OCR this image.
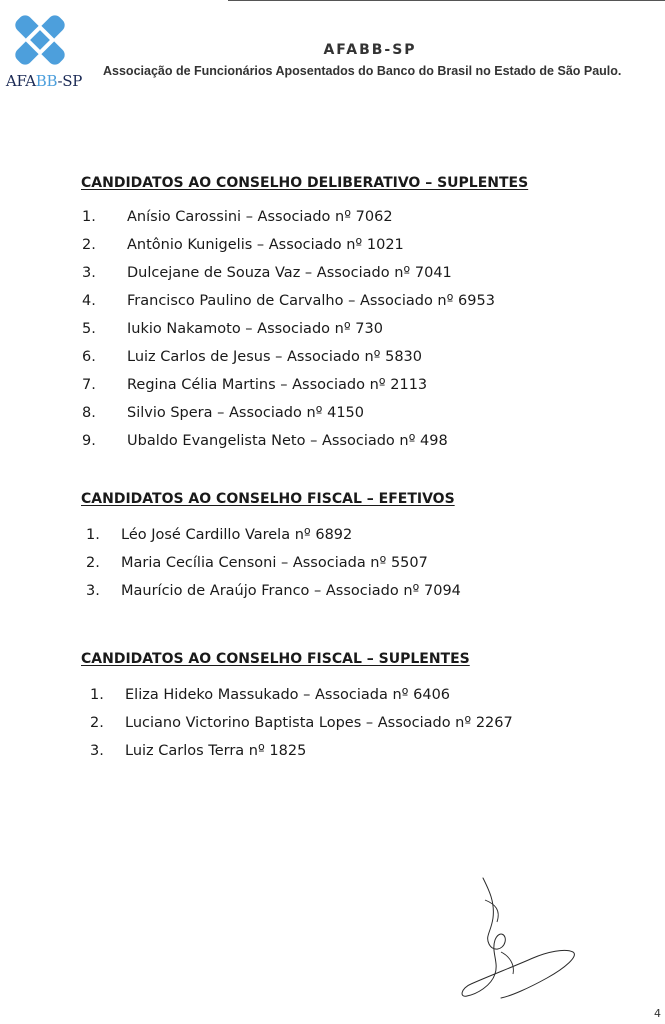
AFABB-SP
AFABB-SP
Associação de Funcionários Aposentados do Banco do Brasil no Estado de São Paulo.
CANDIDATOS AO CONSELHO DELIBERATIVO – SUPLENTES
1. Anísio Carossini – Associado nº 7062
2. Antônio Kunigelis – Associado nº 1021
3. Dulcejane de Souza Vaz – Associado nº 7041
4. Francisco Paulino de Carvalho – Associado nº 6953
5. Iukio Nakamoto – Associado nº 730
6. Luiz Carlos de Jesus – Associado nº 5830
7. Regina Célia Martins – Associado nº 2113
8. Silvio Spera – Associado nº 4150
9. Ubaldo Evangelista Neto – Associado nº 498
CANDIDATOS AO CONSELHO FISCAL – EFETIVOS
1. Léo José Cardillo Varela nº 6892
2. Maria Cecília Censoni – Associada nº 5507
3. Maurício de Araújo Franco – Associado nº 7094
CANDIDATOS AO CONSELHO FISCAL – SUPLENTES
1. Eliza Hideko Massukado – Associada nº 6406
2. Luciano Victorino Baptista Lopes – Associado nº 2267
3. Luiz Carlos Terra nº 1825
4
